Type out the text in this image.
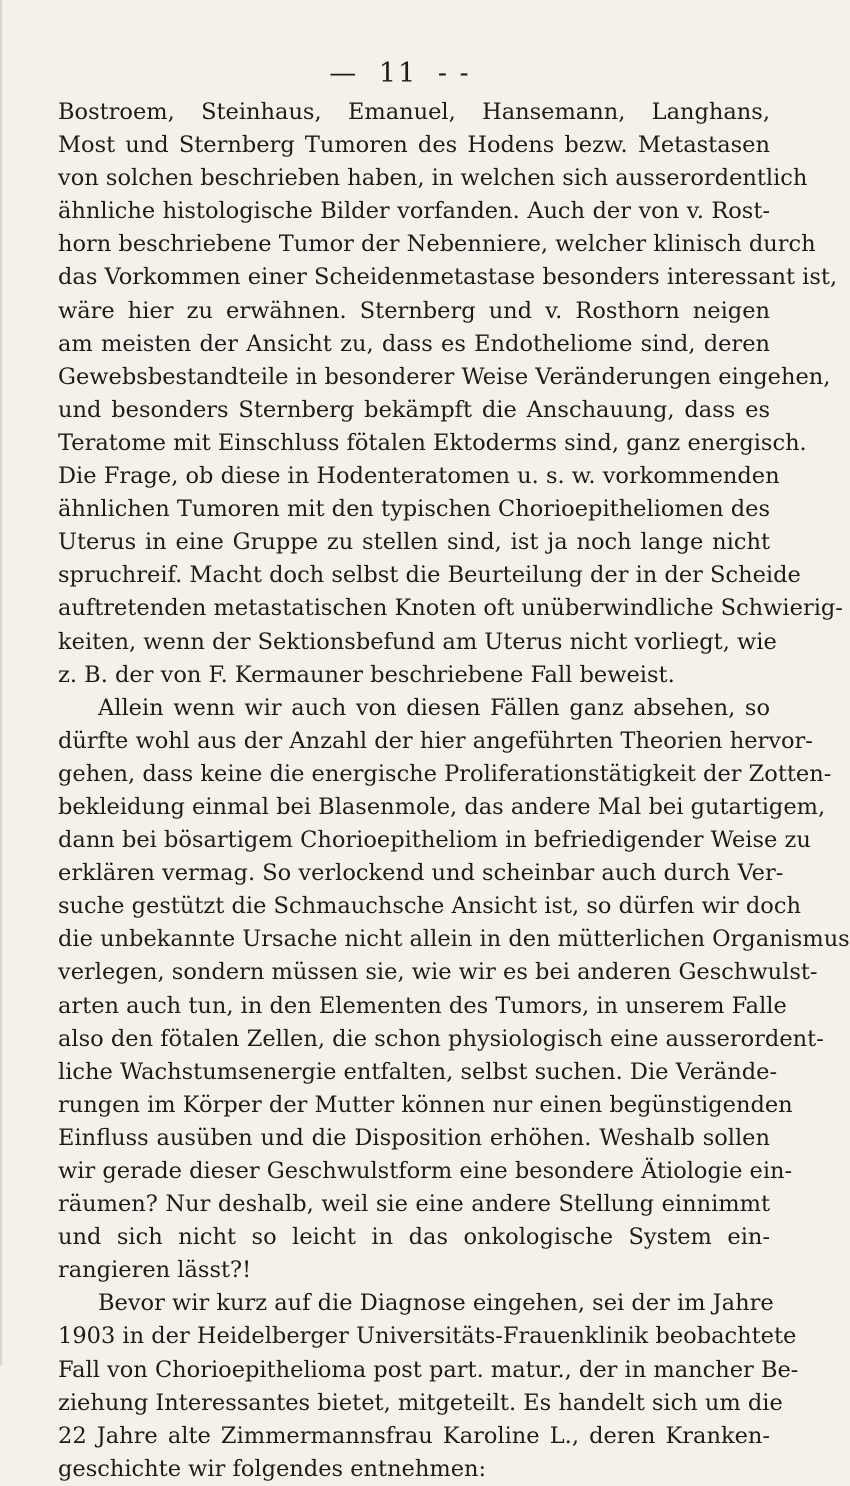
— 11 - -
Bostroem, Steinhaus, Emanuel, Hansemann, Langhans,
Most und Sternberg Tumoren des Hodens bezw. Metastasen
von solchen beschrieben haben, in welchen sich ausserordentlich
ähnliche histologische Bilder vorfanden. Auch der von v. Rost-
horn beschriebene Tumor der Nebenniere, welcher klinisch durch
das Vorkommen einer Scheidenmetastase besonders interessant ist,
wäre hier zu erwähnen. Sternberg und v. Rosthorn neigen
am meisten der Ansicht zu, dass es Endotheliome sind, deren
Gewebsbestandteile in besonderer Weise Veränderungen eingehen,
und besonders Sternberg bekämpft die Anschauung, dass es
Teratome mit Einschluss fötalen Ektoderms sind, ganz energisch.
Die Frage, ob diese in Hodenteratomen u. s. w. vorkommenden
ähnlichen Tumoren mit den typischen Chorioepitheliomen des
Uterus in eine Gruppe zu stellen sind, ist ja noch lange nicht
spruchreif. Macht doch selbst die Beurteilung der in der Scheide
auftretenden metastatischen Knoten oft unüberwindliche Schwierig-
keiten, wenn der Sektionsbefund am Uterus nicht vorliegt, wie
z. B. der von F. Kermauner beschriebene Fall beweist.
Allein wenn wir auch von diesen Fällen ganz absehen, so
dürfte wohl aus der Anzahl der hier angeführten Theorien hervor-
gehen, dass keine die energische Proliferationstätigkeit der Zotten-
bekleidung einmal bei Blasenmole, das andere Mal bei gutartigem,
dann bei bösartigem Chorioepitheliom in befriedigender Weise zu
erklären vermag. So verlockend und scheinbar auch durch Ver-
suche gestützt die Schmauchsche Ansicht ist, so dürfen wir doch
die unbekannte Ursache nicht allein in den mütterlichen Organismus
verlegen, sondern müssen sie, wie wir es bei anderen Geschwulst-
arten auch tun, in den Elementen des Tumors, in unserem Falle
also den fötalen Zellen, die schon physiologisch eine ausserordent-
liche Wachstumsenergie entfalten, selbst suchen. Die Verände-
rungen im Körper der Mutter können nur einen begünstigenden
Einfluss ausüben und die Disposition erhöhen. Weshalb sollen
wir gerade dieser Geschwulstform eine besondere Ätiologie ein-
räumen? Nur deshalb, weil sie eine andere Stellung einnimmt
und sich nicht so leicht in das onkologische System ein-
rangieren lässt?!
Bevor wir kurz auf die Diagnose eingehen, sei der im Jahre
1903 in der Heidelberger Universitäts-Frauenklinik beobachtete
Fall von Chorioepithelioma post part. matur., der in mancher Be-
ziehung Interessantes bietet, mitgeteilt. Es handelt sich um die
22 Jahre alte Zimmermannsfrau Karoline L., deren Kranken-
geschichte wir folgendes entnehmen:
